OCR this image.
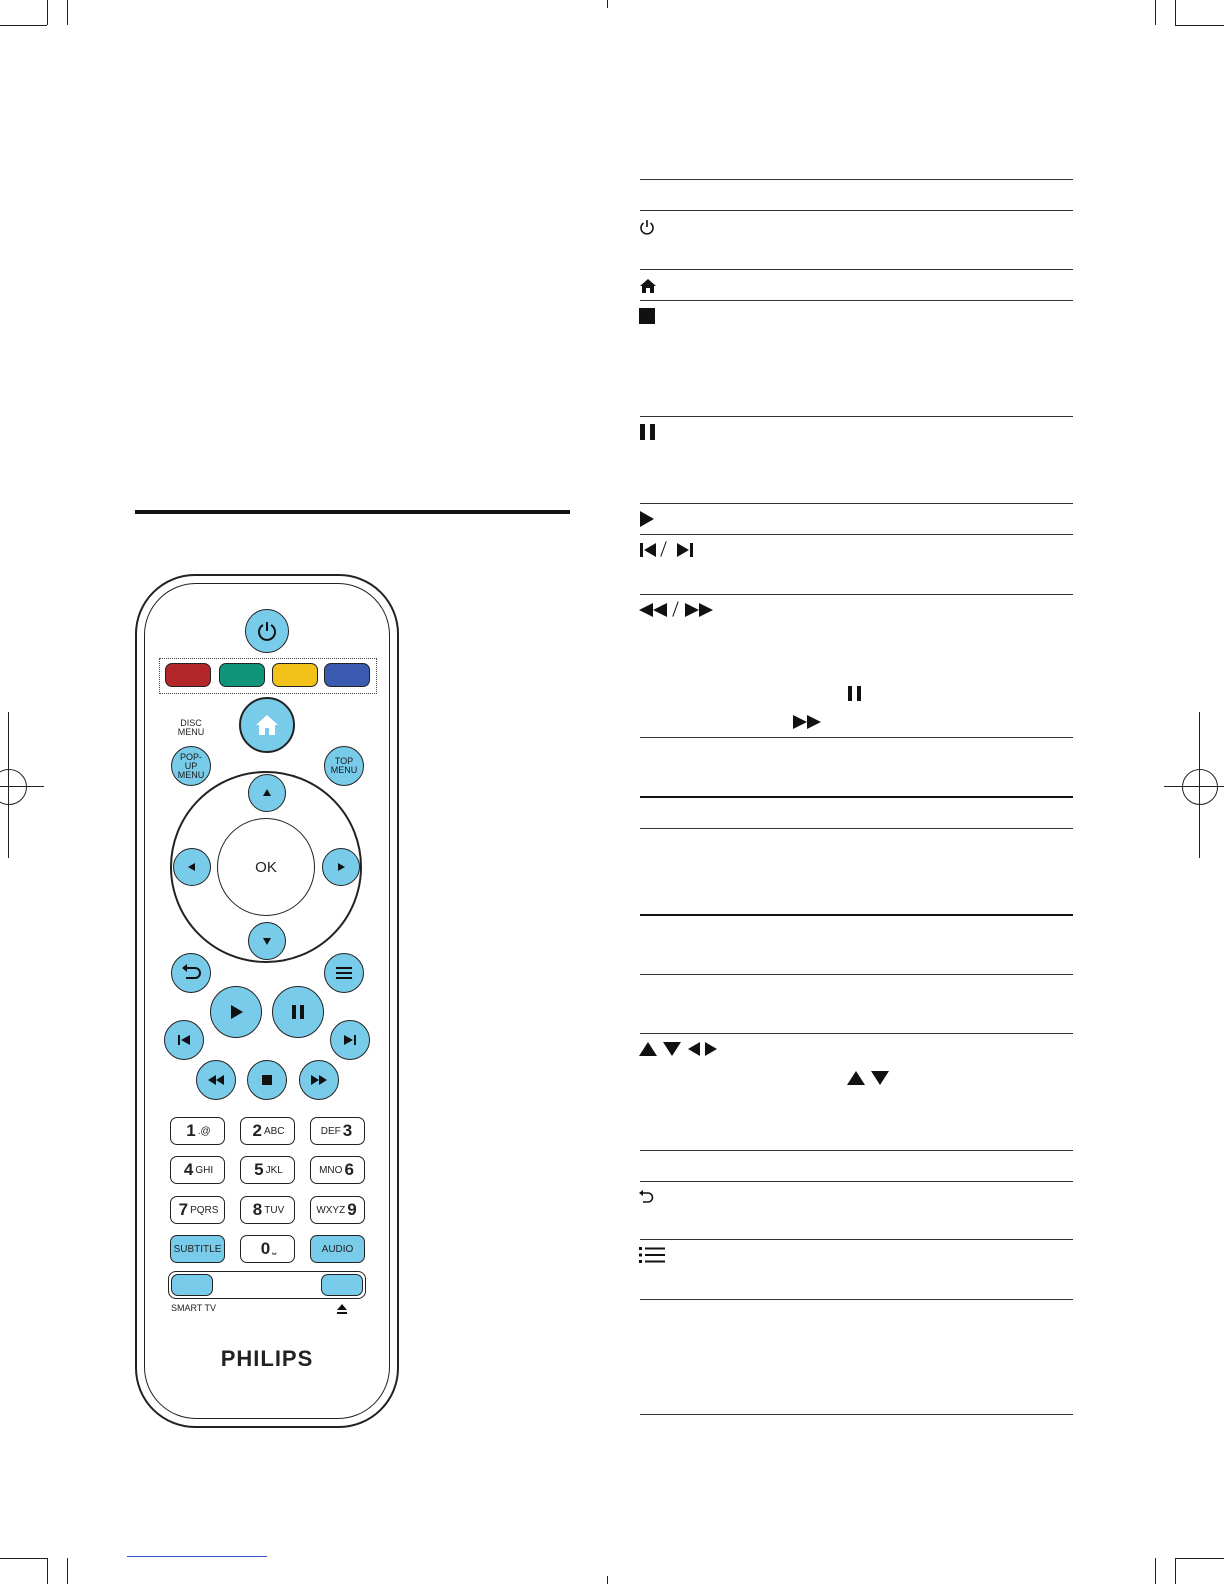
DISC MENU
POP-UP MENU
TOP MENU
OK
1 .@ 2 ABC	DEF 3
4 GHI 5 JKL	MNO 6
7 PQRS 8 TUV	WXYZ 9
SUBTITLE 0 ⎵	AUDIO
SMART TV
PHILIPS
